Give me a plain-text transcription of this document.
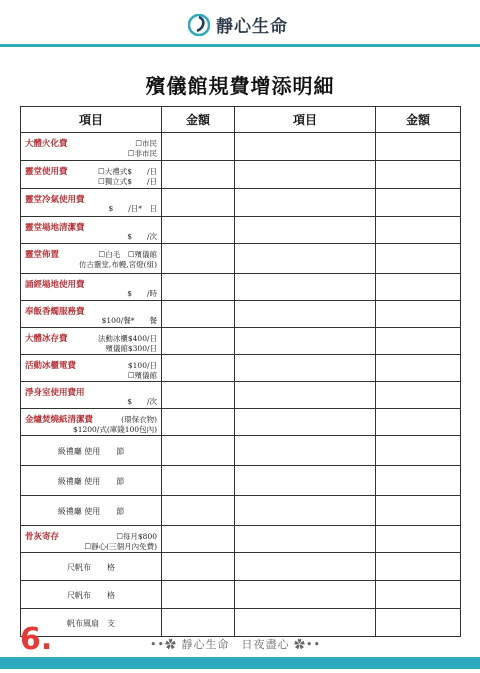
靜心生命
殯儀館規費增添明細
項目	金額	項目	金額

大體火化費 ☐市民
☐非市民			

靈堂使用費 ☐大禮式$　　/日
☐獨立式$　　/日			

靈堂冷氣使用費
$　　/日*　日			

靈堂場地清潔費
$　　/次			

靈堂佈置 ☐白毛　☐殯儀館
仿古靈堂,布幔,宮燈(組)			

誦經場地使用費
$　　/時			

奉飯香燭服務費
$100/餐*　　餐			

大體冰存費 法動冰櫃$400/日
殯儀館$300/日			

活動冰櫃電費 $100/日
☐殯儀館			

淨身室使用費用
$　　/次			

金爐焚燒紙清潔費 (環保衣物)
$1200/式(庫錢100包內)			

級禮廳 使用　　節			

級禮廳 使用　　節			

級禮廳 使用　　節			

骨灰寄存 ☐每月$800
☐靜心(三個月內免費)			

尺帆布　　格			

尺帆布　　格			

帆布風扇　支			

6.	••✿ 靜心生命　日夜盡心 ✿••
